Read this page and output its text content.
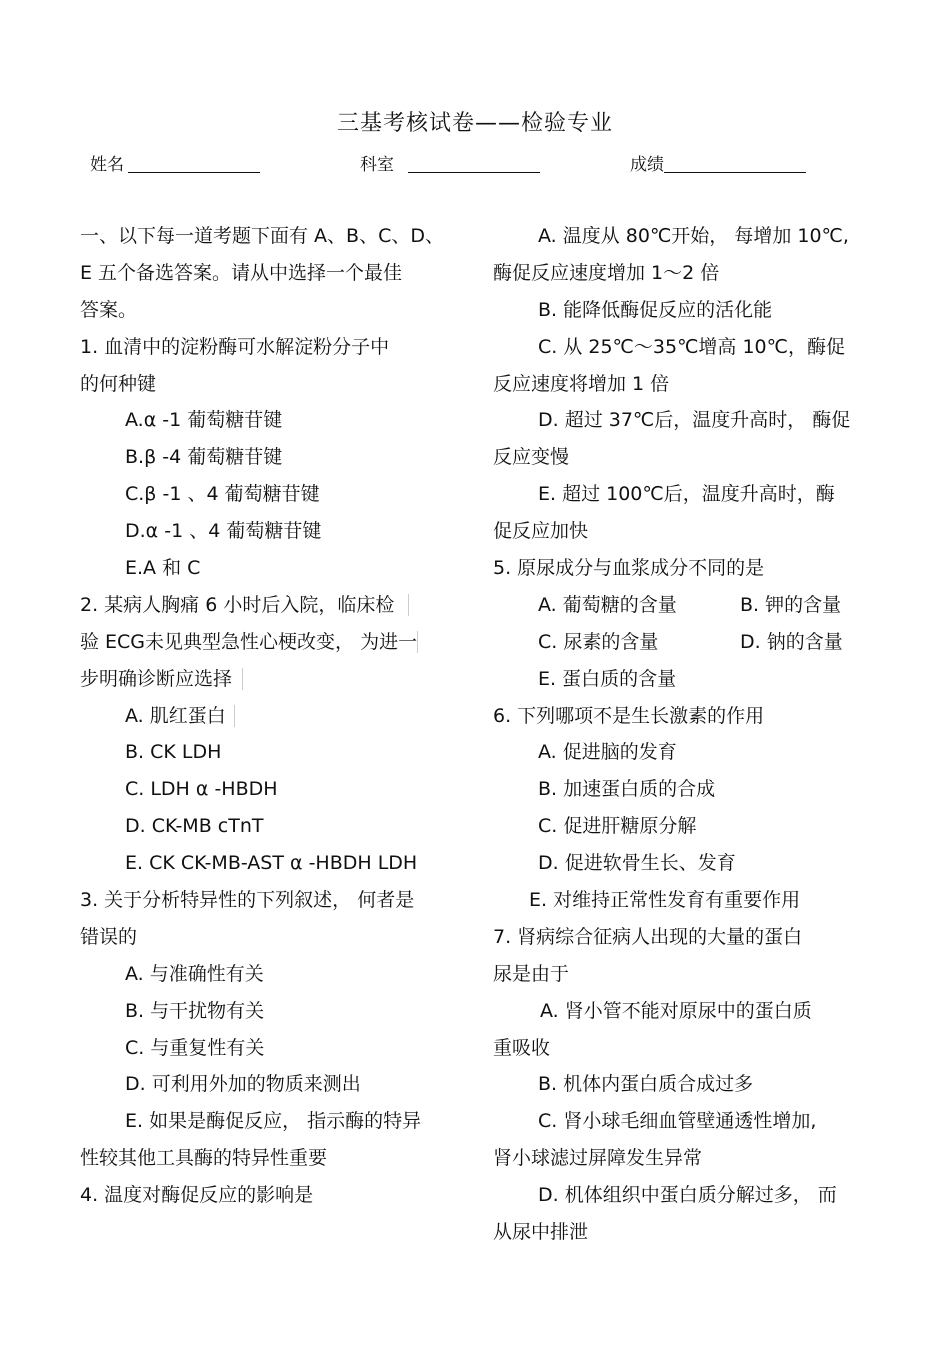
三基考核试卷——检验专业
姓名	科室	成绩
一、以下每一道考题下面有 A、B、C、D、
E 五个备选答案。请从中选择一个最佳
答案。
1. 血清中的淀粉酶可水解淀粉分子中
的何种键
A.α -1 葡萄糖苷键
B.β -4 葡萄糖苷键
C.β -1 、4 葡萄糖苷键
D.α -1 、4 葡萄糖苷键
E.A 和 C
2. 某病人胸痛 6 小时后入院，临床检
验 ECG未见典型急性心梗改变， 为进一
步明确诊断应选择
A. 肌红蛋白
B. CK LDH
C. LDH α -HBDH
D. CK-MB cTnT
E. CK CK-MB-AST α -HBDH LDH
3. 关于分析特异性的下列叙述， 何者是
错误的
A. 与准确性有关
B. 与干扰物有关
C. 与重复性有关
D. 可利用外加的物质来测出
E. 如果是酶促反应， 指示酶的特异
性较其他工具酶的特异性重要
4. 温度对酶促反应的影响是
A. 温度从 80℃开始， 每增加 10℃,
酶促反应速度增加 1～2 倍
B. 能降低酶促反应的活化能
C. 从 25℃～35℃增高 10℃，酶促
反应速度将增加 1 倍
D. 超过 37℃后，温度升高时， 酶促
反应变慢
E. 超过 100℃后，温度升高时，酶
促反应加快
5. 原尿成分与血浆成分不同的是
A. 葡萄糖的含量	B. 钾的含量
C. 尿素的含量	D. 钠的含量
E. 蛋白质的含量
6. 下列哪项不是生长激素的作用
A. 促进脑的发育
B. 加速蛋白质的合成
C. 促进肝糖原分解
D. 促进软骨生长、发育
E. 对维持正常性发育有重要作用
7. 肾病综合征病人出现的大量的蛋白
尿是由于
A. 肾小管不能对原尿中的蛋白质
重吸收
B. 机体内蛋白质合成过多
C. 肾小球毛细血管壁通透性增加,
肾小球滤过屏障发生异常
D. 机体组织中蛋白质分解过多， 而
从尿中排泄
